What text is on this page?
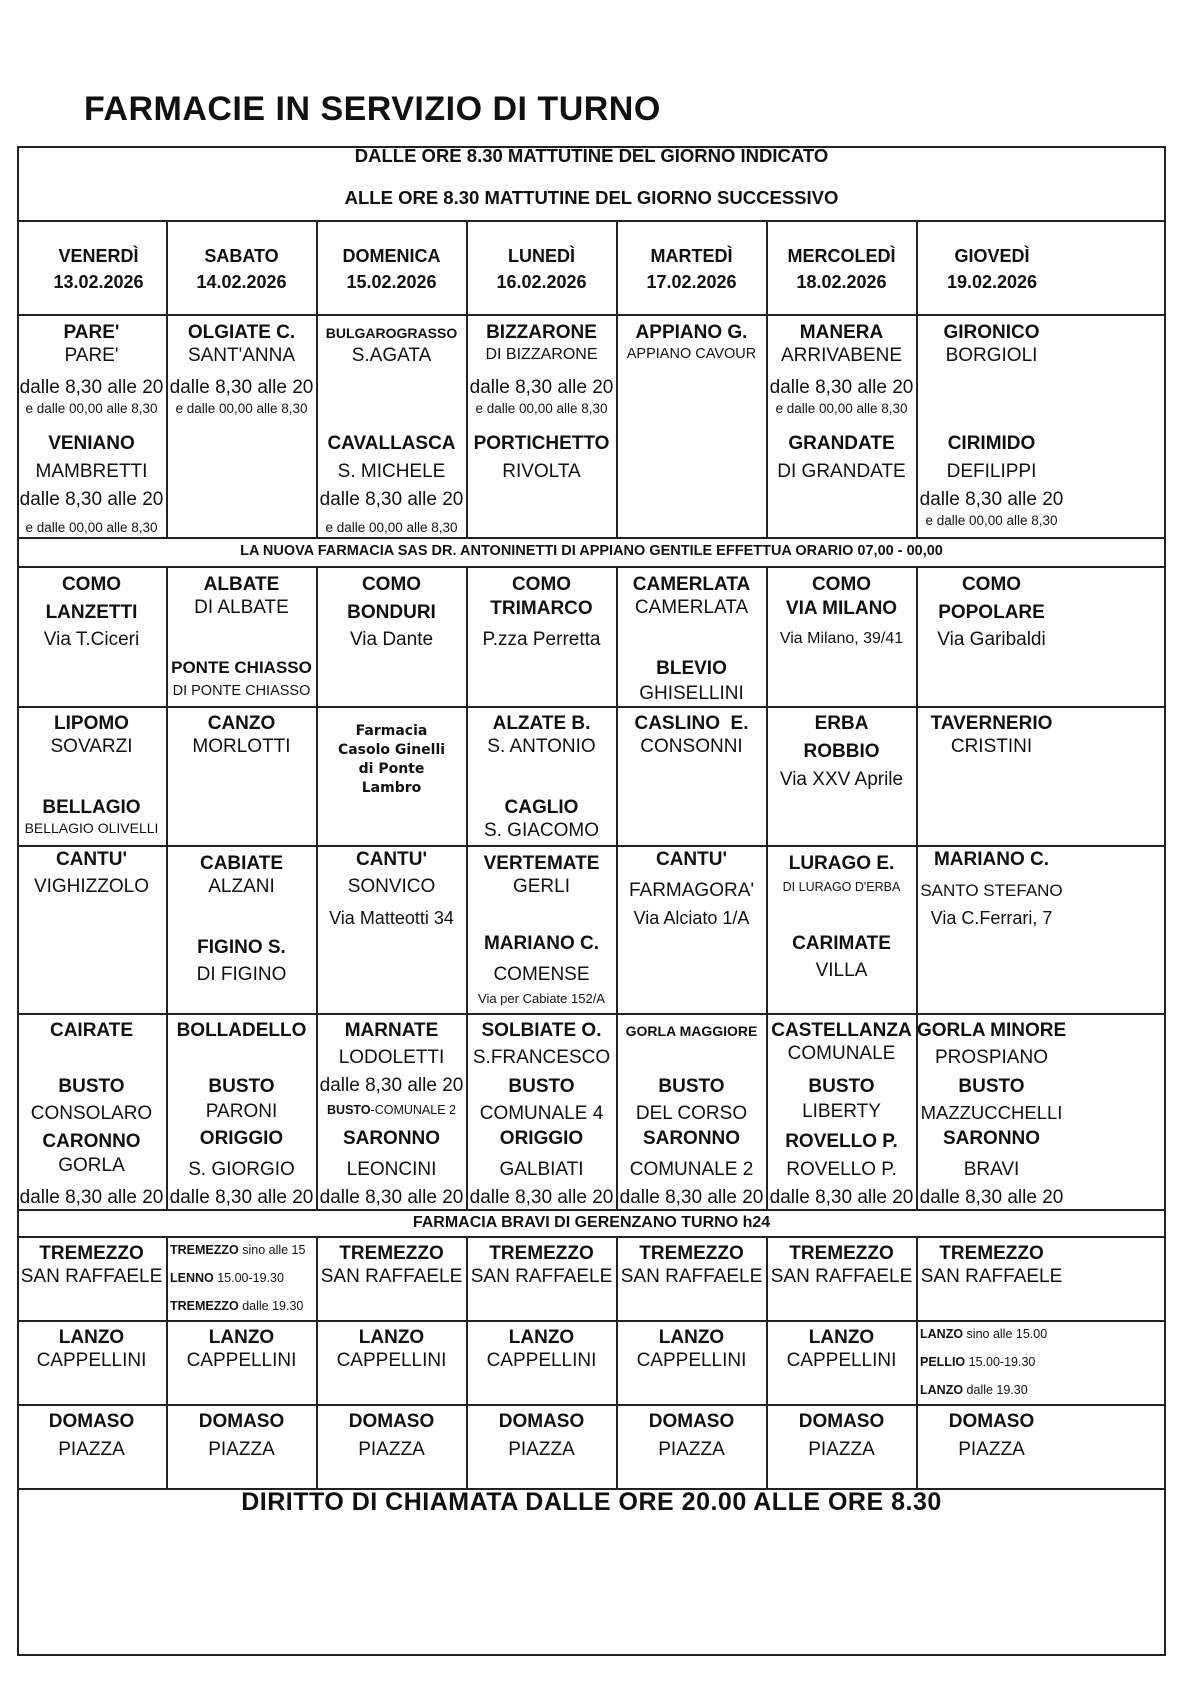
FARMACIE IN SERVIZIO DI TURNO
DALLE ORE 8.30 MATTUTINE DEL GIORNO INDICATO
ALLE ORE 8.30 MATTUTINE DEL GIORNO SUCCESSIVO
VENERDÌ
13.02.2026
SABATO
14.02.2026
DOMENICA
15.02.2026
LUNEDÌ
16.02.2026
MARTEDÌ
17.02.2026
MERCOLEDÌ
18.02.2026
GIOVEDÌ
19.02.2026
PARE'
PARE'
dalle 8,30 alle 20
e dalle 00,00 alle 8,30
VENIANO
MAMBRETTI
dalle 8,30 alle 20
e dalle 00,00 alle 8,30
OLGIATE C.
SANT'ANNA
dalle 8,30 alle 20
e dalle 00,00 alle 8,30
BULGAROGRASSO
S.AGATA
CAVALLASCA
S. MICHELE
dalle 8,30 alle 20
e dalle 00,00 alle 8,30
BIZZARONE
DI BIZZARONE
dalle 8,30 alle 20
e dalle 00,00 alle 8,30
PORTICHETTO
RIVOLTA
APPIANO G.
APPIANO CAVOUR
MANERA
ARRIVABENE
dalle 8,30 alle 20
e dalle 00,00 alle 8,30
GRANDATE
DI GRANDATE
GIRONICO
BORGIOLI
CIRIMIDO
DEFILIPPI
dalle 8,30 alle 20
e dalle 00,00 alle 8,30
LA NUOVA FARMACIA SAS DR. ANTONINETTI DI APPIANO GENTILE EFFETTUA ORARIO 07,00 - 00,00
COMO
LANZETTI
Via T.Ciceri
ALBATE
DI ALBATE
PONTE CHIASSO
DI PONTE CHIASSO
COMO
BONDURI
Via Dante
COMO
TRIMARCO
P.zza Perretta
CAMERLATA
CAMERLATA
BLEVIO
GHISELLINI
COMO
VIA MILANO
Via Milano, 39/41
COMO
POPOLARE
Via Garibaldi
LIPOMO
SOVARZI
BELLAGIO
BELLAGIO OLIVELLI
CANZO
MORLOTTI
Farmacia Casolo Ginelli di Ponte Lambro
ALZATE B.
S. ANTONIO
CAGLIO
S. GIACOMO
CASLINO  E.
CONSONNI
ERBA
ROBBIO
Via XXV Aprile
TAVERNERIO
CRISTINI
CANTU'
VIGHIZZOLO
CABIATE
ALZANI
FIGINO S.
DI FIGINO
CANTU'
SONVICO
Via Matteotti 34
VERTEMATE
GERLI
MARIANO C.
COMENSE
Via per Cabiate 152/A
CANTU'
FARMAGORA'
Via Alciato 1/A
LURAGO E.
DI LURAGO D'ERBA
CARIMATE
VILLA
MARIANO C.
SANTO STEFANO
Via C.Ferrari, 7
CAIRATE
BUSTO
CONSOLARO
CARONNO
GORLA
dalle 8,30 alle 20
BOLLADELLO
BUSTO
PARONI
ORIGGIO
S. GIORGIO
dalle 8,30 alle 20
MARNATE
LODOLETTI
dalle 8,30 alle 20
BUSTO-COMUNALE 2
SARONNO
LEONCINI
dalle 8,30 alle 20
SOLBIATE O.
S.FRANCESCO
BUSTO
COMUNALE 4
ORIGGIO
GALBIATI
dalle 8,30 alle 20
GORLA MAGGIORE
BUSTO
DEL CORSO
SARONNO
COMUNALE 2
dalle 8,30 alle 20
CASTELLANZA
COMUNALE
BUSTO
LIBERTY
ROVELLO P.
ROVELLO P.
dalle 8,30 alle 20
GORLA MINORE
PROSPIANO
BUSTO
MAZZUCCHELLI
SARONNO
BRAVI
dalle 8,30 alle 20
FARMACIA BRAVI DI GERENZANO TURNO h24
TREMEZZO
SAN RAFFAELE
TREMEZZO sino alle 15
LENNO 15.00-19.30
TREMEZZO dalle 19.30
TREMEZZO
SAN RAFFAELE
TREMEZZO
SAN RAFFAELE
TREMEZZO
SAN RAFFAELE
TREMEZZO
SAN RAFFAELE
TREMEZZO
SAN RAFFAELE
LANZO
CAPPELLINI
LANZO
CAPPELLINI
LANZO
CAPPELLINI
LANZO
CAPPELLINI
LANZO
CAPPELLINI
LANZO
CAPPELLINI
LANZO sino alle 15.00
PELLIO 15.00-19.30
LANZO dalle 19.30
DOMASO
PIAZZA
DOMASO
PIAZZA
DOMASO
PIAZZA
DOMASO
PIAZZA
DOMASO
PIAZZA
DOMASO
PIAZZA
DOMASO
PIAZZA
DIRITTO DI CHIAMATA DALLE ORE 20.00 ALLE ORE 8.30
